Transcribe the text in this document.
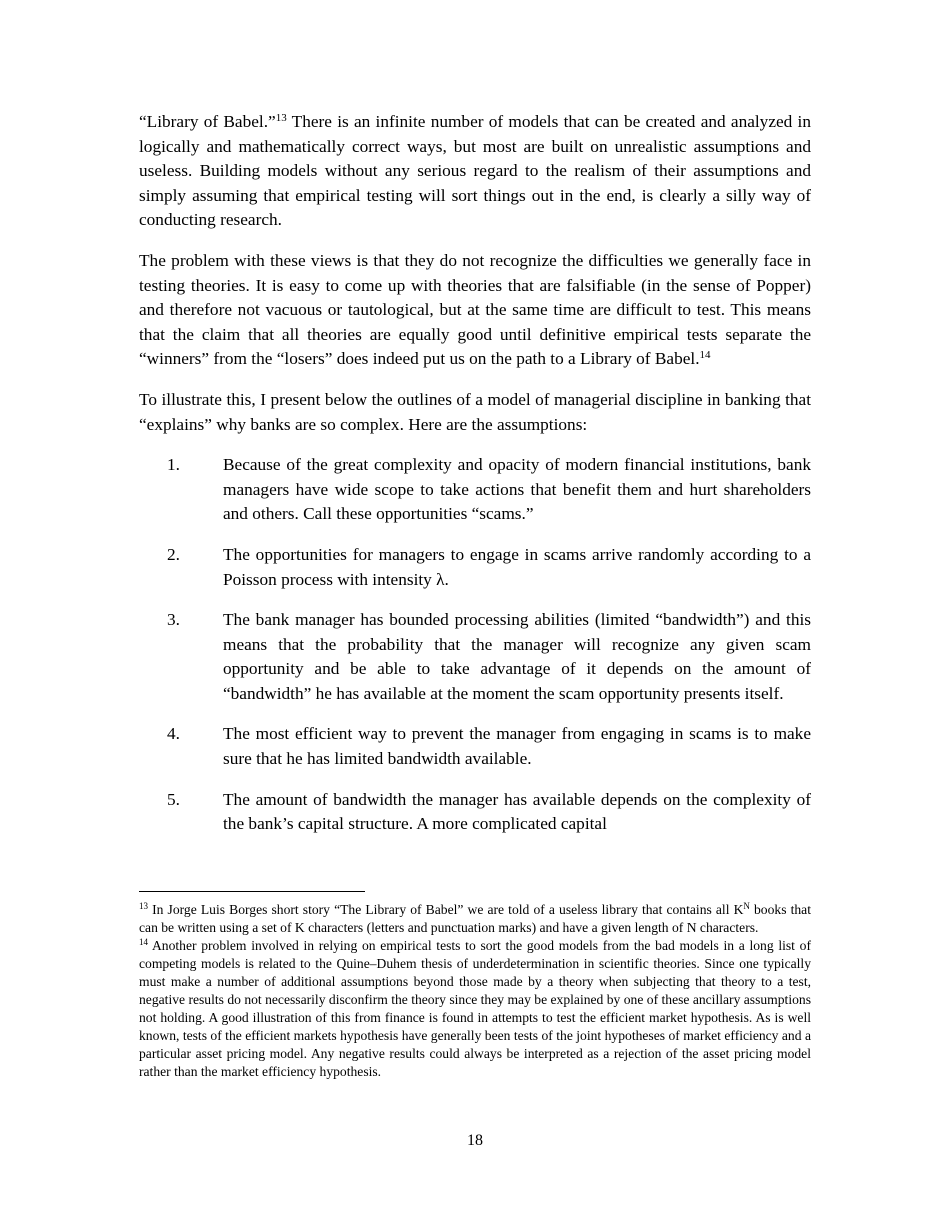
“Library of Babel.”$^{13}$ There is an infinite number of models that can be created and analyzed in logically and mathematically correct ways, but most are built on unrealistic assumptions and useless. Building models without any serious regard to the realism of their assumptions and simply assuming that empirical testing will sort things out in the end, is clearly a silly way of conducting research.

The problem with these views is that they do not recognize the difficulties we generally face in testing theories. It is easy to come up with theories that are falsifiable (in the sense of Popper) and therefore not vacuous or tautological, but at the same time are difficult to test. This means that the claim that all theories are equally good until definitive empirical tests separate the “winners” from the “losers” does indeed put us on the path to a Library of Babel.$^{14}$

To illustrate this, I present below the outlines of a model of managerial discipline in banking that “explains” why banks are so complex. Here are the assumptions:

1.	Because of the great complexity and opacity of modern financial institutions, bank managers have wide scope to take actions that benefit them and hurt shareholders and others. Call these opportunities “scams.”
2.	The opportunities for managers to engage in scams arrive randomly according to a Poisson process with intensity λ.
3.	The bank manager has bounded processing abilities (limited “bandwidth”) and this means that the probability that the manager will recognize any given scam opportunity and be able to take advantage of it depends on the amount of “bandwidth” he has available at the moment the scam opportunity presents itself.
4.	The most efficient way to prevent the manager from engaging in scams is to make sure that he has limited bandwidth available.
5.	The amount of bandwidth the manager has available depends on the complexity of the bank’s capital structure. A more complicated capital

$^{13}$ In Jorge Luis Borges short story “The Library of Babel” we are told of a useless library that contains all $K^N$ books that can be written using a set of K characters (letters and punctuation marks) and have a given length of N characters.

$^{14}$ Another problem involved in relying on empirical tests to sort the good models from the bad models in a long list of competing models is related to the Quine–Duhem thesis of underdetermination in scientific theories. Since one typically must make a number of additional assumptions beyond those made by a theory when subjecting that theory to a test, negative results do not necessarily disconfirm the theory since they may be explained by one of these ancillary assumptions not holding. A good illustration of this from finance is found in attempts to test the efficient market hypothesis. As is well known, tests of the efficient markets hypothesis have generally been tests of the joint hypotheses of market efficiency and a particular asset pricing model. Any negative results could always be interpreted as a rejection of the asset pricing model rather than the market efficiency hypothesis.

18
